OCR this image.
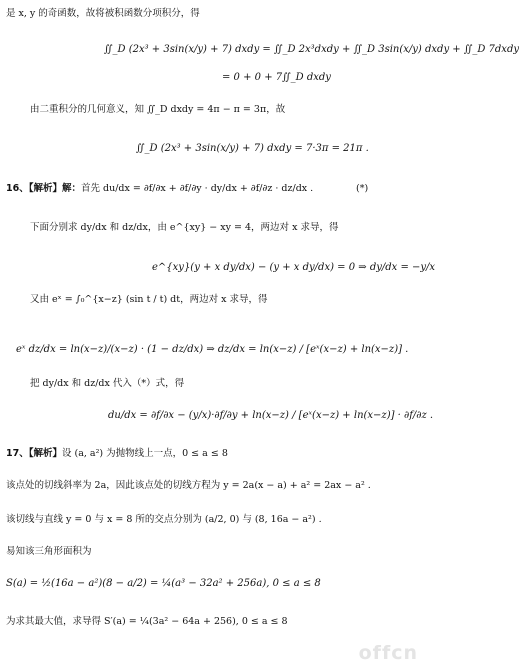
是 x, y 的奇函数，故将被积函数分项积分，得
∬_D (2x³ + 3sin(x/y) + 7) dxdy = ∬_D 2x³dxdy + ∬_D 3sin(x/y) dxdy + ∬_D 7dxdy
= 0 + 0 + 7∬_D dxdy
由二重积分的几何意义，知 ∬_D dxdy = 4π − π = 3π，故
∬_D (2x³ + 3sin(x/y) + 7) dxdy = 7·3π = 21π .
16、【解析】解：首先 du/dx = ∂f/∂x + ∂f/∂y · dy/dx + ∂f/∂z · dz/dx .	(*)
下面分别求 dy/dx 和 dz/dx，由 e^{xy} − xy = 4，两边对 x 求导，得
e^{xy}(y + x dy/dx) − (y + x dy/dx) = 0 ⇒ dy/dx = −y/x
又由 eˣ = ∫₀^{x−z} (sin t / t) dt，两边对 x 求导，得
eˣ dz/dx = ln(x−z)/(x−z) · (1 − dz/dx) ⇒ dz/dx = ln(x−z) / [eˣ(x−z) + ln(x−z)] .
把 dy/dx 和 dz/dx 代入（*）式，得
du/dx = ∂f/∂x − (y/x)·∂f/∂y + ln(x−z) / [eˣ(x−z) + ln(x−z)] · ∂f/∂z .
17、【解析】设 (a, a²) 为抛物线上一点，0 ≤ a ≤ 8
该点处的切线斜率为 2a，因此该点处的切线方程为 y = 2a(x − a) + a² = 2ax − a² .
该切线与直线 y = 0 与 x = 8 所的交点分别为 (a/2, 0) 与 (8, 16a − a²) .
易知该三角形面积为
S(a) = ½(16a − a²)(8 − a/2) = ¼(a³ − 32a² + 256a), 0 ≤ a ≤ 8
为求其最大值，求导得 S′(a) = ¼(3a² − 64a + 256), 0 ≤ a ≤ 8
offcn
